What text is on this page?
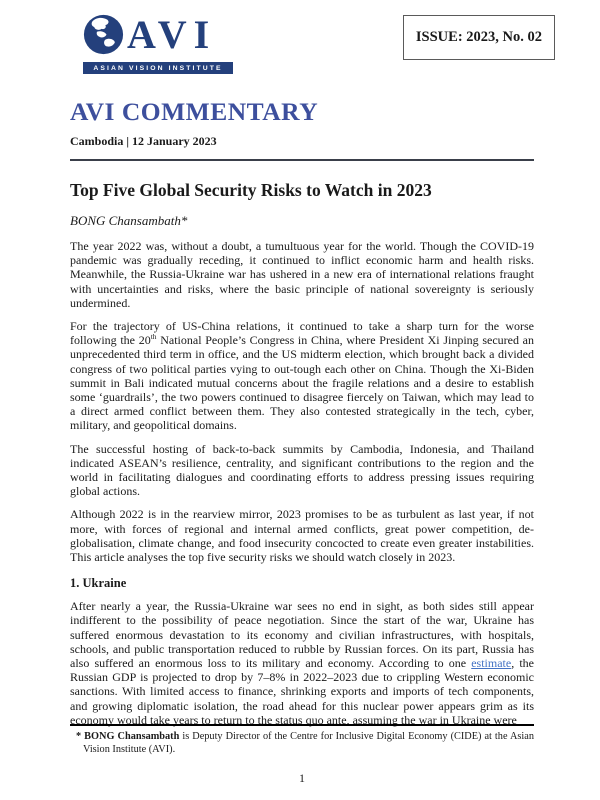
AVI
ASIAN VISION INSTITUTE
ISSUE: 2023, No. 02
AVI COMMENTARY
Cambodia | 12 January 2023
Top Five Global Security Risks to Watch in 2023
BONG Chansambath*

The year 2022 was, without a doubt, a tumultuous year for the world. Though the COVID-19 pandemic was gradually receding, it continued to inflict economic harm and health risks. Meanwhile, the Russia-Ukraine war has ushered in a new era of international relations fraught with uncertainties and risks, where the basic principle of national sovereignty is seriously undermined.

For the trajectory of US-China relations, it continued to take a sharp turn for the worse following the 20th National People’s Congress in China, where President Xi Jinping secured an unprecedented third term in office, and the US midterm election, which brought back a divided congress of two political parties vying to out-tough each other on China. Though the Xi-Biden summit in Bali indicated mutual concerns about the fragile relations and a desire to establish some ‘guardrails’, the two powers continued to disagree fiercely on Taiwan, which may lead to a direct armed conflict between them. They also contested strategically in the tech, cyber, military, and geopolitical domains.

The successful hosting of back-to-back summits by Cambodia, Indonesia, and Thailand indicated ASEAN’s resilience, centrality, and significant contributions to the region and the world in facilitating dialogues and coordinating efforts to address pressing issues requiring global actions.

Although 2022 is in the rearview mirror, 2023 promises to be as turbulent as last year, if not more, with forces of regional and internal armed conflicts, great power competition, de-globalisation, climate change, and food insecurity concocted to create even greater instabilities. This article analyses the top five security risks we should watch closely in 2023.

1. Ukraine

After nearly a year, the Russia-Ukraine war sees no end in sight, as both sides still appear indifferent to the possibility of peace negotiation. Since the start of the war, Ukraine has suffered enormous devastation to its economy and civilian infrastructures, with hospitals, schools, and public transportation reduced to rubble by Russian forces. On its part, Russia has also suffered an enormous loss to its military and economy. According to one estimate, the Russian GDP is projected to drop by 7–8% in 2022–2023 due to crippling Western economic sanctions. With limited access to finance, shrinking exports and imports of tech components, and growing diplomatic isolation, the road ahead for this nuclear power appears grim as its economy would take years to return to the status quo ante, assuming the war in Ukraine were

* BONG Chansambath is Deputy Director of the Centre for Inclusive Digital Economy (CIDE) at the Asian Vision Institute (AVI).

1
